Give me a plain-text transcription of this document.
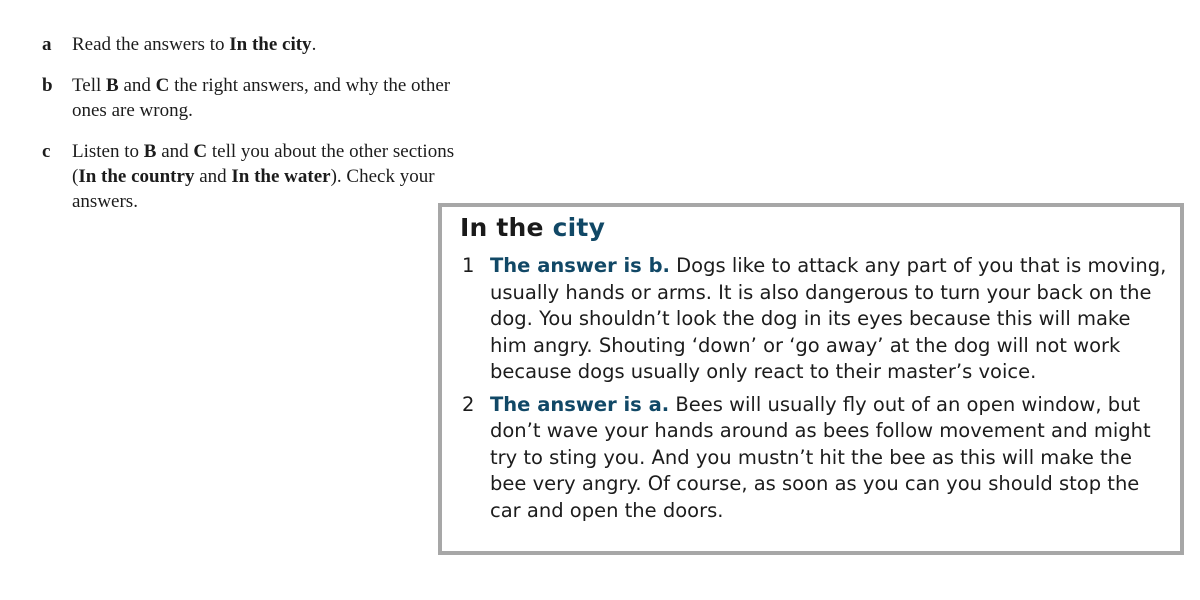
a	Read the answers to In the city.
b	Tell B and C the right answers, and why the other ones are wrong.
c	Listen to B and C tell you about the other sections (In the country and In the water). Check your answers.
In the city
1 The answer is b. Dogs like to attack any part of you that is moving, usually hands or arms. It is also dangerous to turn your back on the dog. You shouldn’t look the dog in its eyes because this will make him angry. Shouting ‘down’ or ‘go away’ at the dog will not work because dogs usually only react to their master’s voice.
2 The answer is a. Bees will usually fly out of an open window, but don’t wave your hands around as bees follow movement and might try to sting you. And you mustn’t hit the bee as this will make the bee very angry. Of course, as soon as you can you should stop the car and open the doors.
